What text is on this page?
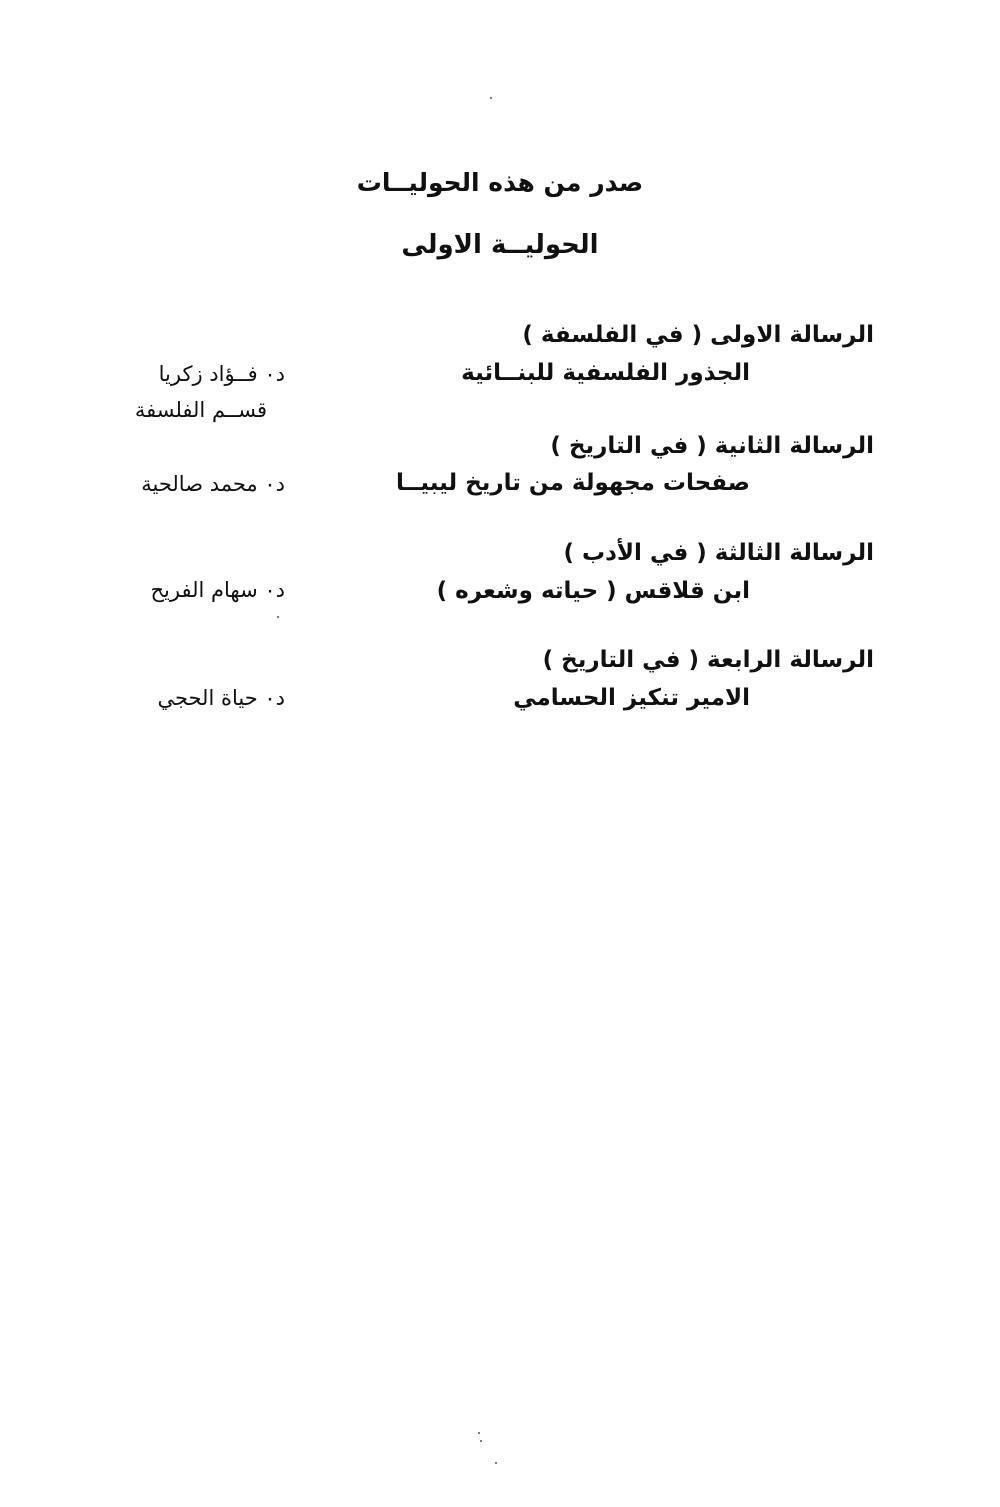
صدر من هذه الحوليــات
الحوليــة الاولى
الرسالة الاولى ( في الفلسفة )
الجذور الفلسفية للبنــائية
د٠ فــؤاد زكريا
قســم الفلسفة
الرسالة الثانية ( في التاريخ )
صفحات مجهولة من تاريخ ليبيــا
د٠ محمد صالحية
الرسالة الثالثة ( في الأدب )
ابن قلاقس ( حياته وشعره )
د٠ سهام الفريح
الرسالة الرابعة ( في التاريخ )
الامير تنكيز الحسامي
د٠ حياة الحجي
